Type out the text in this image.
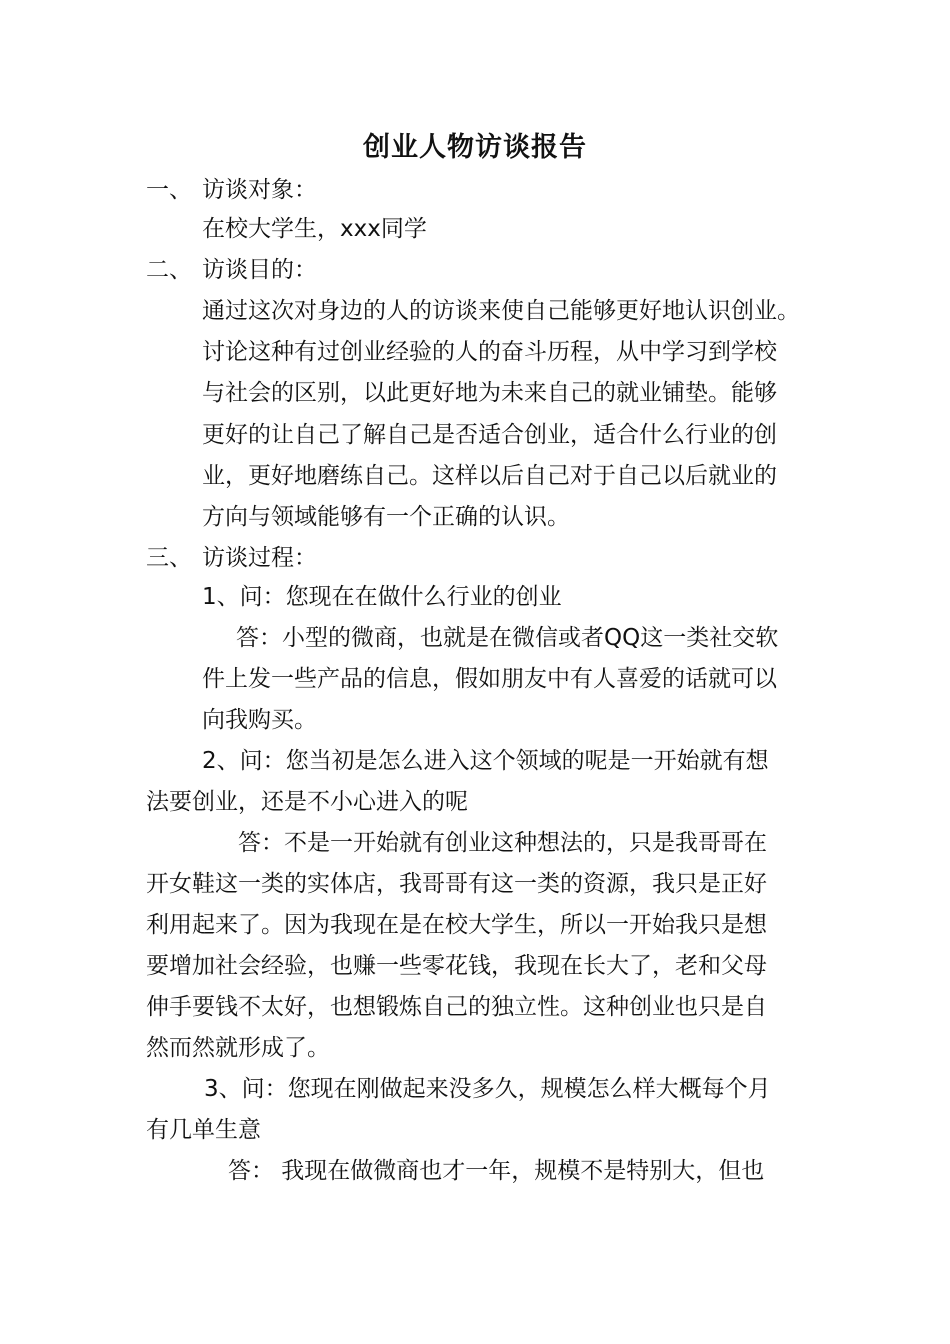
创业人物访谈报告
一、 访谈对象：
在校大学生，xxx同学
二、 访谈目的：
通过这次对身边的人的访谈来使自己能够更好地认识创业。
讨论这种有过创业经验的人的奋斗历程，从中学习到学校
与社会的区别，以此更好地为未来自己的就业铺垫。能够
更好的让自己了解自己是否适合创业，适合什么行业的创
业，更好地磨练自己。这样以后自己对于自己以后就业的
方向与领域能够有一个正确的认识。
三、 访谈过程：
1、问：您现在在做什么行业的创业
答：小型的微商，也就是在微信或者QQ这一类社交软
件上发一些产品的信息，假如朋友中有人喜爱的话就可以
向我购买。
2、问：您当初是怎么进入这个领域的呢是一开始就有想
法要创业，还是不小心进入的呢
答：不是一开始就有创业这种想法的，只是我哥哥在
开女鞋这一类的实体店，我哥哥有这一类的资源，我只是正好
利用起来了。因为我现在是在校大学生，所以一开始我只是想
要增加社会经验，也赚一些零花钱，我现在长大了，老和父母
伸手要钱不太好，也想锻炼自己的独立性。这种创业也只是自
然而然就形成了。
3、问：您现在刚做起来没多久，规模怎么样大概每个月
有几单生意
答： 我现在做微商也才一年，规模不是特别大，但也
